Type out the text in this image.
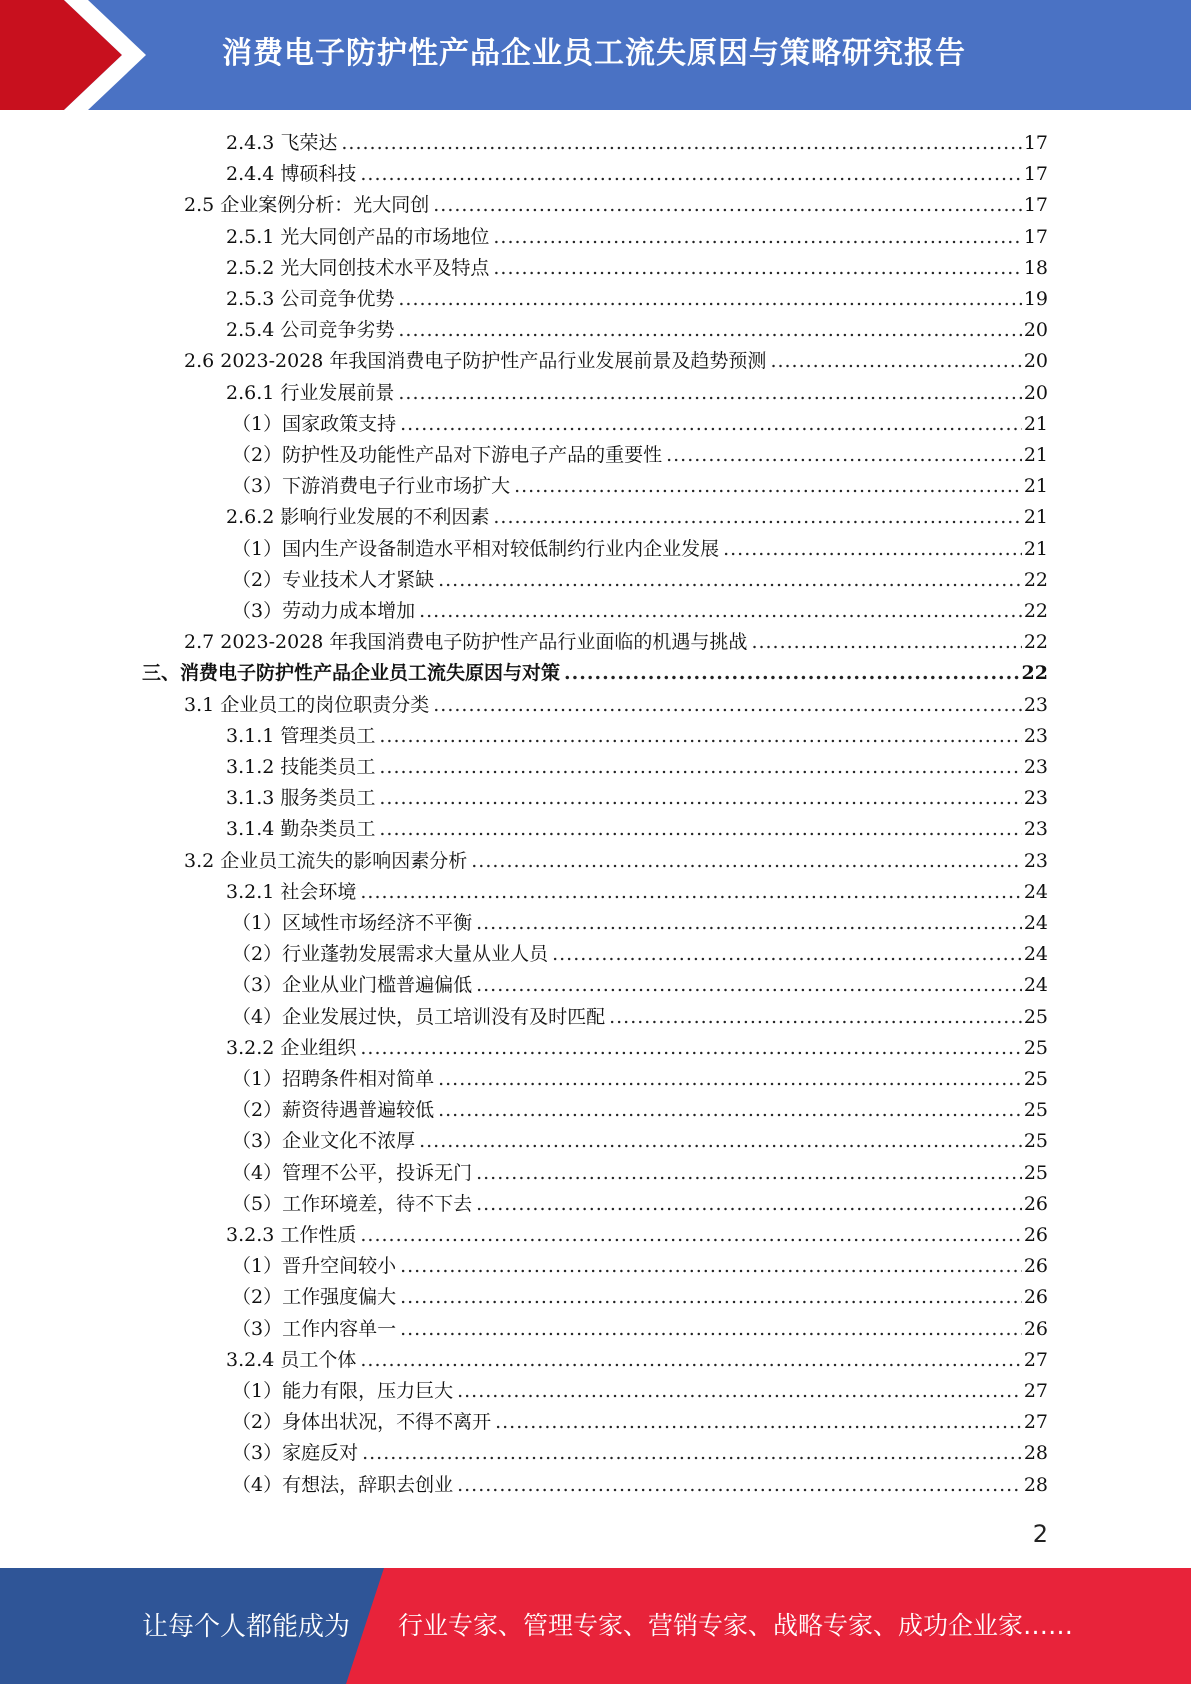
消费电子防护性产品企业员工流失原因与策略研究报告
2.4.3 飞荣达 .....	17
2.4.4 博硕科技 .....	17
2.5 企业案例分析：光大同创 .....	17
2.5.1 光大同创产品的市场地位 .....	17
2.5.2 光大同创技术水平及特点 .....	18
2.5.3 公司竞争优势 .....	19
2.5.4 公司竞争劣势 .....	20
2.6 2023-2028 年我国消费电子防护性产品行业发展前景及趋势预测 .....	20
2.6.1 行业发展前景 .....	20
（1）国家政策支持 .....	21
（2）防护性及功能性产品对下游电子产品的重要性 .....	21
（3）下游消费电子行业市场扩大 .....	21
2.6.2 影响行业发展的不利因素 .....	21
（1）国内生产设备制造水平相对较低制约行业内企业发展 .....	21
（2）专业技术人才紧缺 .....	22
（3）劳动力成本增加 .....	22
2.7 2023-2028 年我国消费电子防护性产品行业面临的机遇与挑战 .....	22
三、消费电子防护性产品企业员工流失原因与对策 .....	22
3.1 企业员工的岗位职责分类 .....	23
3.1.1 管理类员工 .....	23
3.1.2 技能类员工 .....	23
3.1.3 服务类员工 .....	23
3.1.4 勤杂类员工 .....	23
3.2 企业员工流失的影响因素分析 .....	23
3.2.1 社会环境 .....	24
（1）区域性市场经济不平衡 .....	24
（2）行业蓬勃发展需求大量从业人员 .....	24
（3）企业从业门槛普遍偏低 .....	24
（4）企业发展过快，员工培训没有及时匹配 .....	25
3.2.2 企业组织 .....	25
（1）招聘条件相对简单 .....	25
（2）薪资待遇普遍较低 .....	25
（3）企业文化不浓厚 .....	25
（4）管理不公平，投诉无门 .....	25
（5）工作环境差，待不下去 .....	26
3.2.3 工作性质 .....	26
（1）晋升空间较小 .....	26
（2）工作强度偏大 .....	26
（3）工作内容单一 .....	26
3.2.4 员工个体 .....	27
（1）能力有限，压力巨大 .....	27
（2）身体出状况，不得不离开 .....	27
（3）家庭反对 .....	28
（4）有想法，辞职去创业 .....	28
2
让每个人都能成为 行业专家、管理专家、营销专家、战略专家、成功企业家……
